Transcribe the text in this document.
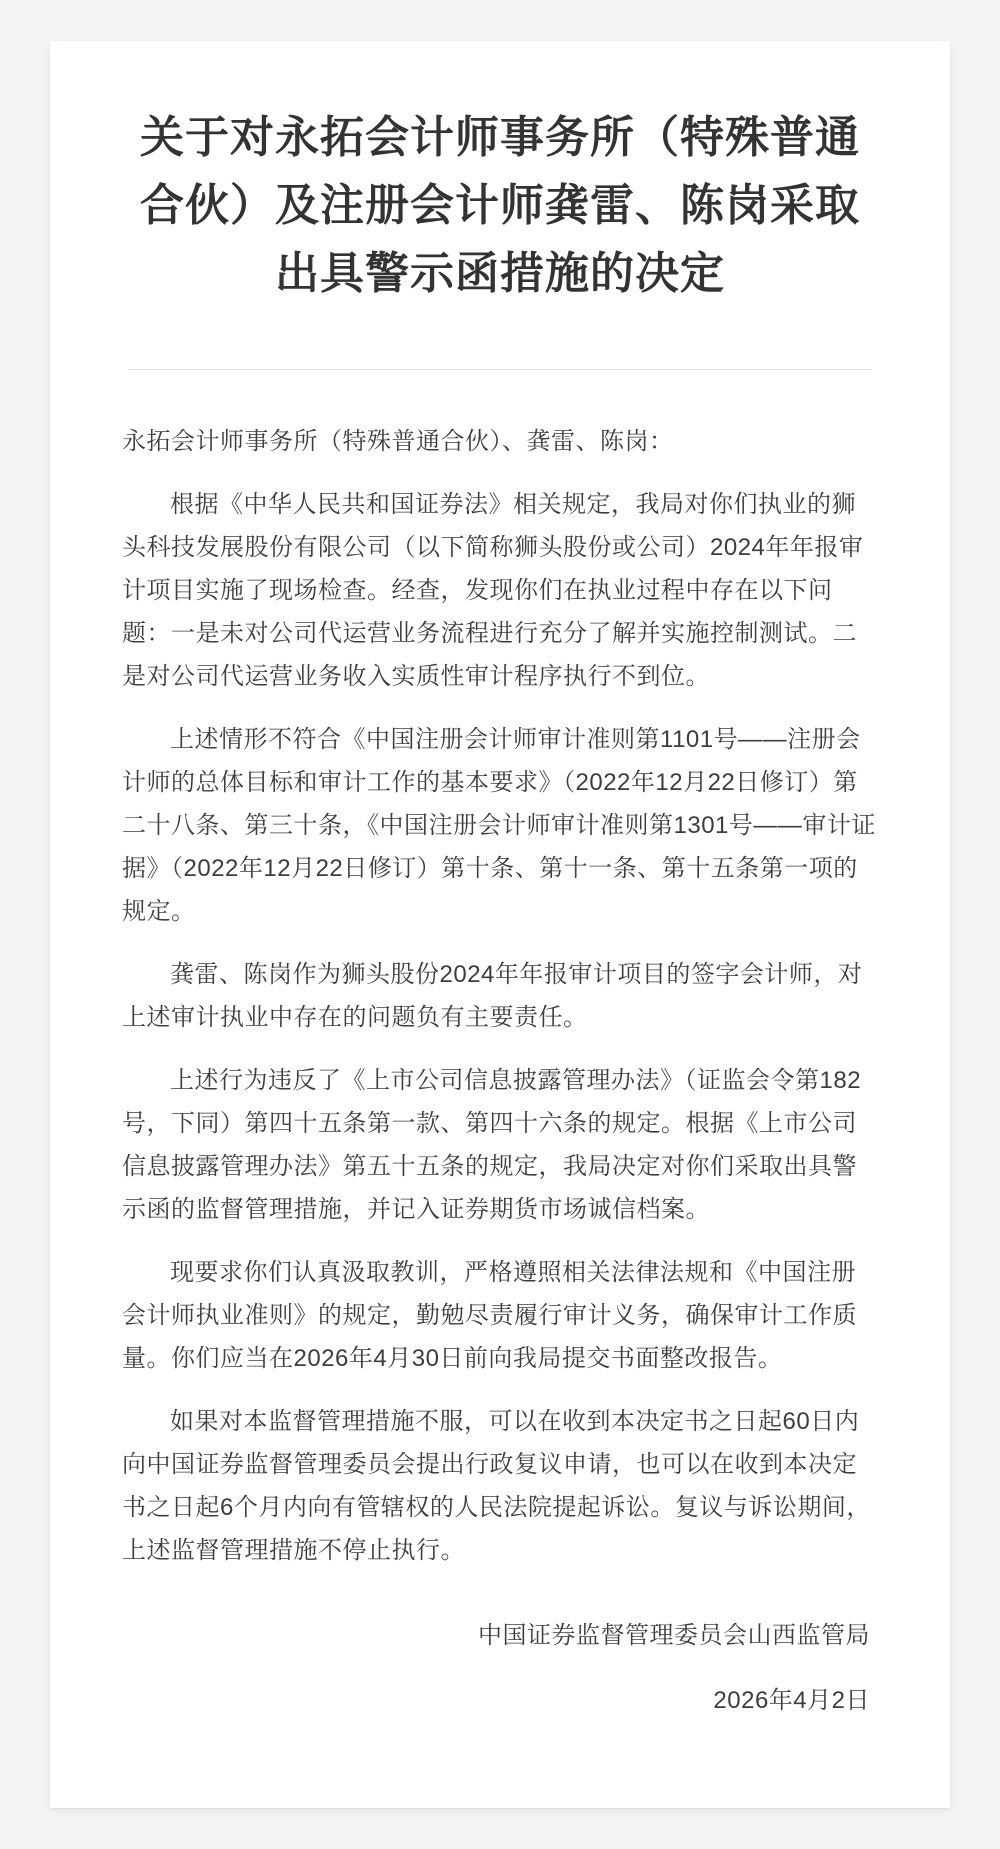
关于对永拓会计师事务所（特殊普通合伙）及注册会计师龚雷、陈岗采取出具警示函措施的决定

永拓会计师事务所（特殊普通合伙）、龚雷、陈岗：

根据《中华人民共和国证券法》相关规定，我局对你们执业的狮头科技发展股份有限公司（以下简称狮头股份或公司）2024年年报审计项目实施了现场检查。经查，发现你们在执业过程中存在以下问题：一是未对公司代运营业务流程进行充分了解并实施控制测试。二是对公司代运营业务收入实质性审计程序执行不到位。

上述情形不符合《中国注册会计师审计准则第1101号——注册会计师的总体目标和审计工作的基本要求》（2022年12月22日修订）第二十八条、第三十条，《中国注册会计师审计准则第1301号——审计证据》（2022年12月22日修订）第十条、第十一条、第十五条第一项的规定。

龚雷、陈岗作为狮头股份2024年年报审计项目的签字会计师，对上述审计执业中存在的问题负有主要责任。

上述行为违反了《上市公司信息披露管理办法》（证监会令第182号，下同）第四十五条第一款、第四十六条的规定。根据《上市公司信息披露管理办法》第五十五条的规定，我局决定对你们采取出具警示函的监督管理措施，并记入证券期货市场诚信档案。

现要求你们认真汲取教训，严格遵照相关法律法规和《中国注册会计师执业准则》的规定，勤勉尽责履行审计义务，确保审计工作质量。你们应当在2026年4月30日前向我局提交书面整改报告。

如果对本监督管理措施不服，可以在收到本决定书之日起60日内向中国证券监督管理委员会提出行政复议申请，也可以在收到本决定书之日起6个月内向有管辖权的人民法院提起诉讼。复议与诉讼期间，上述监督管理措施不停止执行。

中国证券监督管理委员会山西监管局

2026年4月2日
